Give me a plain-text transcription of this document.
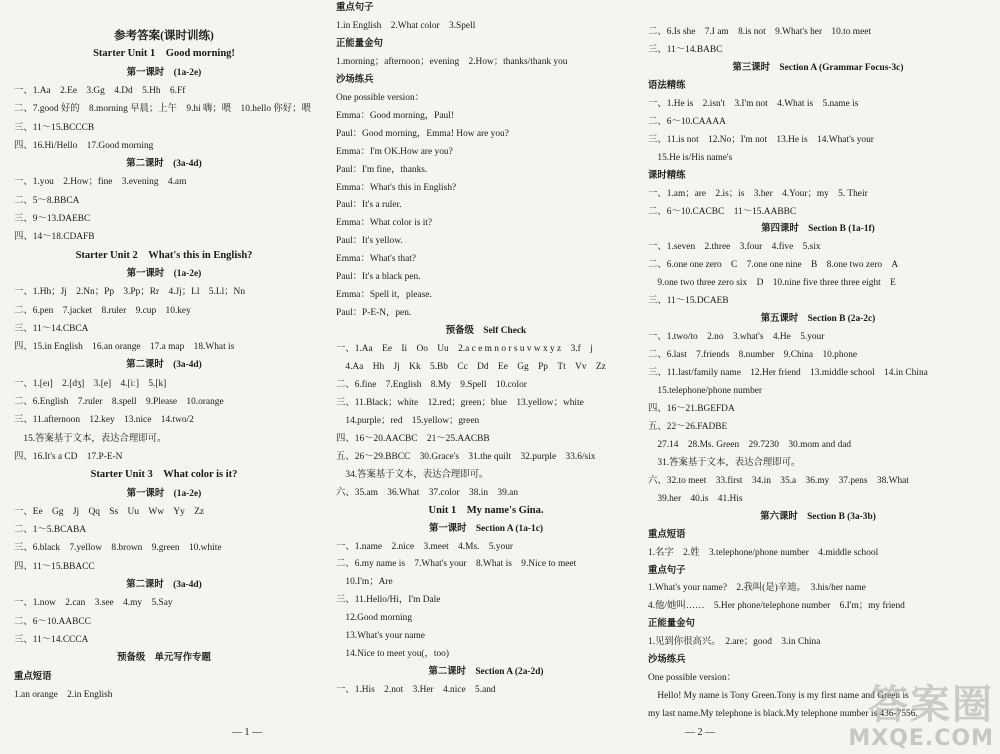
参考答案(课时训练)
Starter Unit 1　Good morning!
第一课时　(1a-2e)
一、1.Aa　2.Ee　3.Gg　4.Dd　5.Hh　6.Ff
二、7.good 好的　8.morning 早晨；上午　9.hi 嗨；喂　10.hello 你好；喂
三、11～15.BCCCB
四、16.Hi/Hello　17.Good morning
第二课时　(3a-4d)
一、1.you　2.How；fine　3.evening　4.am
二、5～8.BBCA
三、9～13.DAEBC
四、14～18.CDAFB
Starter Unit 2　What's this in English?
第一课时　(1a-2e)
一、1.Hh；Jj　2.Nn；Pp　3.Pp；Rr　4.Jj；Ll　5.Ll；Nn
二、6.pen　7.jacket　8.ruler　9.cup　10.key
三、11～14.CBCA
四、15.in English　16.an orange　17.a map　18.What is
第二课时　(3a-4d)
一、1.[eɪ]　2.[dʒ]　3.[e]　4.[iː]　5.[k]
二、6.English　7.ruler　8.spell　9.Please　10.orange
三、11.afternoon　12.key　13.nice　14.two/2
　15.答案基于文本，表达合理即可。
四、16.It's a CD　17.P-E-N
Starter Unit 3　What color is it?
第一课时　(1a-2e)
一、Ee　Gg　Jj　Qq　Ss　Uu　Ww　Yy　Zz
二、1～5.BCABA
三、6.black　7.yellow　8.brown　9.green　10.white
四、11～15.BBACC
第二课时　(3a-4d)
一、1.now　2.can　3.see　4.my　5.Say
二、6～10.AABCC
三、11～14.CCCA
预备级　单元写作专题
重点短语
1.an orange　2.in English
重点句子
1.in English　2.What color　3.Spell
正能量金句
1.morning；afternoon；evening　2.How；thanks/thank you
沙场练兵
One possible version：
Emma：Good morning，Paul!
Paul：Good morning，Emma! How are you?
Emma：I'm OK.How are you?
Paul：I'm fine，thanks.
Emma：What's this in English?
Paul：It's a ruler.
Emma：What color is it?
Paul：It's yellow.
Emma：What's that?
Paul：It's a black pen.
Emma：Spell it，please.
Paul：P-E-N，pen.
预备级　Self Check
一、1.Aa　Ee　Ii　Oo　Uu　2.a c e m n o r s u v w x y z　3.f　j
　4.Aa　Hh　Jj　Kk　5.Bb　Cc　Dd　Ee　Gg　Pp　Tt　Vv　Zz
二、6.fine　7.English　8.My　9.Spell　10.color
三、11.Black；white　12.red；green；blue　13.yellow；white
　14.purple；red　15.yellow；green
四、16～20.AACBC　21～25.AACBB
五、26～29.BBCC　30.Grace's　31.the quilt　32.purple　33.6/six
　34.答案基于文本，表达合理即可。
六、35.am　36.What　37.color　38.in　39.an
Unit 1　My name's Gina.
第一课时　Section A (1a-1c)
一、1.name　2.nice　3.meet　4.Ms.　5.your
二、6.my name is　7.What's your　8.What is　9.Nice to meet
　10.I'm；Are
三、11.Hello/Hi，I'm Dale
　12.Good morning
　13.What's your name
　14.Nice to meet you(，too)
第二课时　Section A (2a-2d)
一、1.His　2.not　3.Her　4.nice　5.and
二、6.Is she　7.I am　8.is not　9.What's her　10.to meet
三、11～14.BABC
第三课时　Section A (Grammar Focus-3c)
语法精练
一、1.He is　2.isn't　3.I'm not　4.What is　5.name is
二、6～10.CAAAA
三、11.is not　12.No；I'm not　13.He is　14.What's your
　15.He is/His name's
课时精练
一、1.am；are　2.is；is　3.her　4.Your；my　5. Their
二、6～10.CACBC　11～15.AABBC
第四课时　Section B (1a-1f)
一、1.seven　2.three　3.four　4.five　5.six
二、6.one one zero　C　7.one one nine　B　8.one two zero　A
　9.one two three zero six　D　10.nine five three three eight　E
三、11～15.DCAEB
第五课时　Section B (2a-2c)
一、1.two/to　2.no　3.what's　4.He　5.your
二、6.last　7.friends　8.number　9.China　10.phone
三、11.last/family name　12.Her friend　13.middle school　14.in China
　15.telephone/phone number
四、16～21.BGEFDA
五、22～26.FADBE
　27.14　28.Ms. Green　29.7230　30.mom and dad
　31.答案基于文本，表达合理即可。
六、32.to meet　33.first　34.in　35.a　36.my　37.pens　38.What
　39.her　40.is　41.His
第六课时　Section B (3a-3b)
重点短语
1.名字　2.姓　3.telephone/phone number　4.middle school
重点句子
1.What's your name?　2.我叫(是)辛迪。　3.his/her name
4.他/她叫……　5.Her phone/telephone number　6.I'm；my friend
正能量金句
1.见到你很高兴。　2.are；good　3.in China
沙场练兵
One possible version：
　Hello! My name is Tony Green.Tony is my first name and Green is
my last name.My telephone is black.My telephone number is 436-7556.
— 1 —	— 2 —
答案圈
MXQE.COM
